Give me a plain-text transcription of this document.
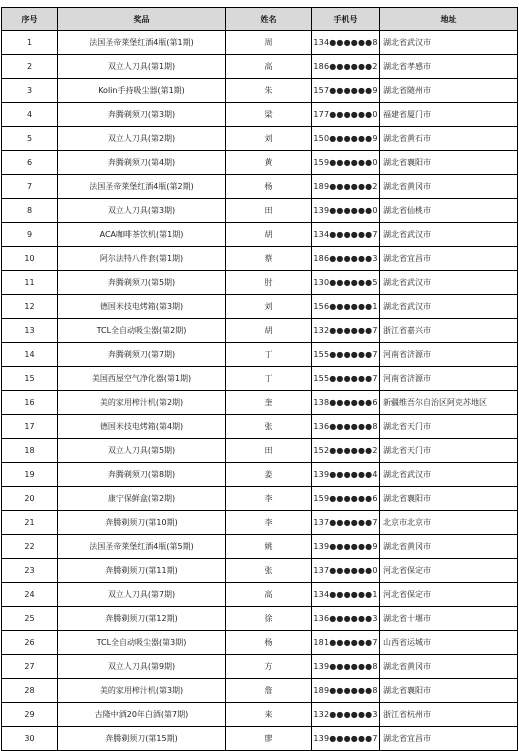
序号	奖品	姓名	手机号	地址
1	法国圣帝莱堡红酒4瓶(第1期)	周	134●●●●●●8	湖北省武汉市
2	双立人刀具(第1期)	高	186●●●●●●2	湖北省孝感市
3	Kolin手持吸尘器(第1期)	朱	157●●●●●●9	湖北省随州市
4	奔腾剃须刀(第3期)	梁	177●●●●●●0	福建省厦门市
5	双立人刀具(第2期)	刘	150●●●●●●9	湖北省黄石市
6	奔腾剃须刀(第4期)	黄	159●●●●●●0	湖北省襄阳市
7	法国圣帝莱堡红酒4瓶(第2期)	杨	189●●●●●●2	湖北省黄冈市
8	双立人刀具(第3期)	田	139●●●●●●0	湖北省仙桃市
9	ACA咖啡茶饮机(第1期)	胡	134●●●●●●7	湖北省武汉市
10	阿尔法特八件套(第1期)	蔡	186●●●●●●3	湖北省宜昌市
11	奔腾剃须刀(第5期)	肘	130●●●●●●5	湖北省武汉市
12	德国米技电烤箱(第3期)	刘	156●●●●●●1	湖北省武汉市
13	TCL全自动吸尘器(第2期)	胡	132●●●●●●7	浙江省嘉兴市
14	奔腾剃须刀(第7期)	丁	155●●●●●●7	河南省济源市
15	美国西屋空气净化器(第1期)	丁	155●●●●●●7	河南省济源市
16	美的家用榨汁机(第2期)	奎	138●●●●●●6	新疆维吾尔自治区阿克苏地区
17	德国米技电烤箱(第4期)	张	136●●●●●●8	湖北省天门市
18	双立人刀具(第5期)	田	152●●●●●●2	湖北省天门市
19	奔腾剃须刀(第8期)	姜	139●●●●●●4	湖北省武汉市
20	康宁保鲜盒(第2期)	李	159●●●●●●6	湖北省襄阳市
21	奔腾剃须刀(第10期)	李	137●●●●●●7	北京市北京市
22	法国圣帝莱堡红酒4瓶(第5期)	姚	139●●●●●●9	湖北省黄冈市
23	奔腾剃须刀(第11期)	张	137●●●●●●0	河北省保定市
24	双立人刀具(第7期)	高	134●●●●●●1	河北省保定市
25	奔腾剃须刀(第12期)	徐	136●●●●●●3	湖北省十堰市
26	TCL全自动吸尘器(第3期)	杨	181●●●●●●7	山西省运城市
27	双立人刀具(第9期)	方	139●●●●●●8	湖北省黄冈市
28	美的家用榨汁机(第3期)	詹	189●●●●●●8	湖北省襄阳市
29	古隆中酒20年白酒(第7期)	来	132●●●●●●3	浙江省杭州市
30	奔腾剃须刀(第15期)	廖	139●●●●●●7	湖北省宜昌市
